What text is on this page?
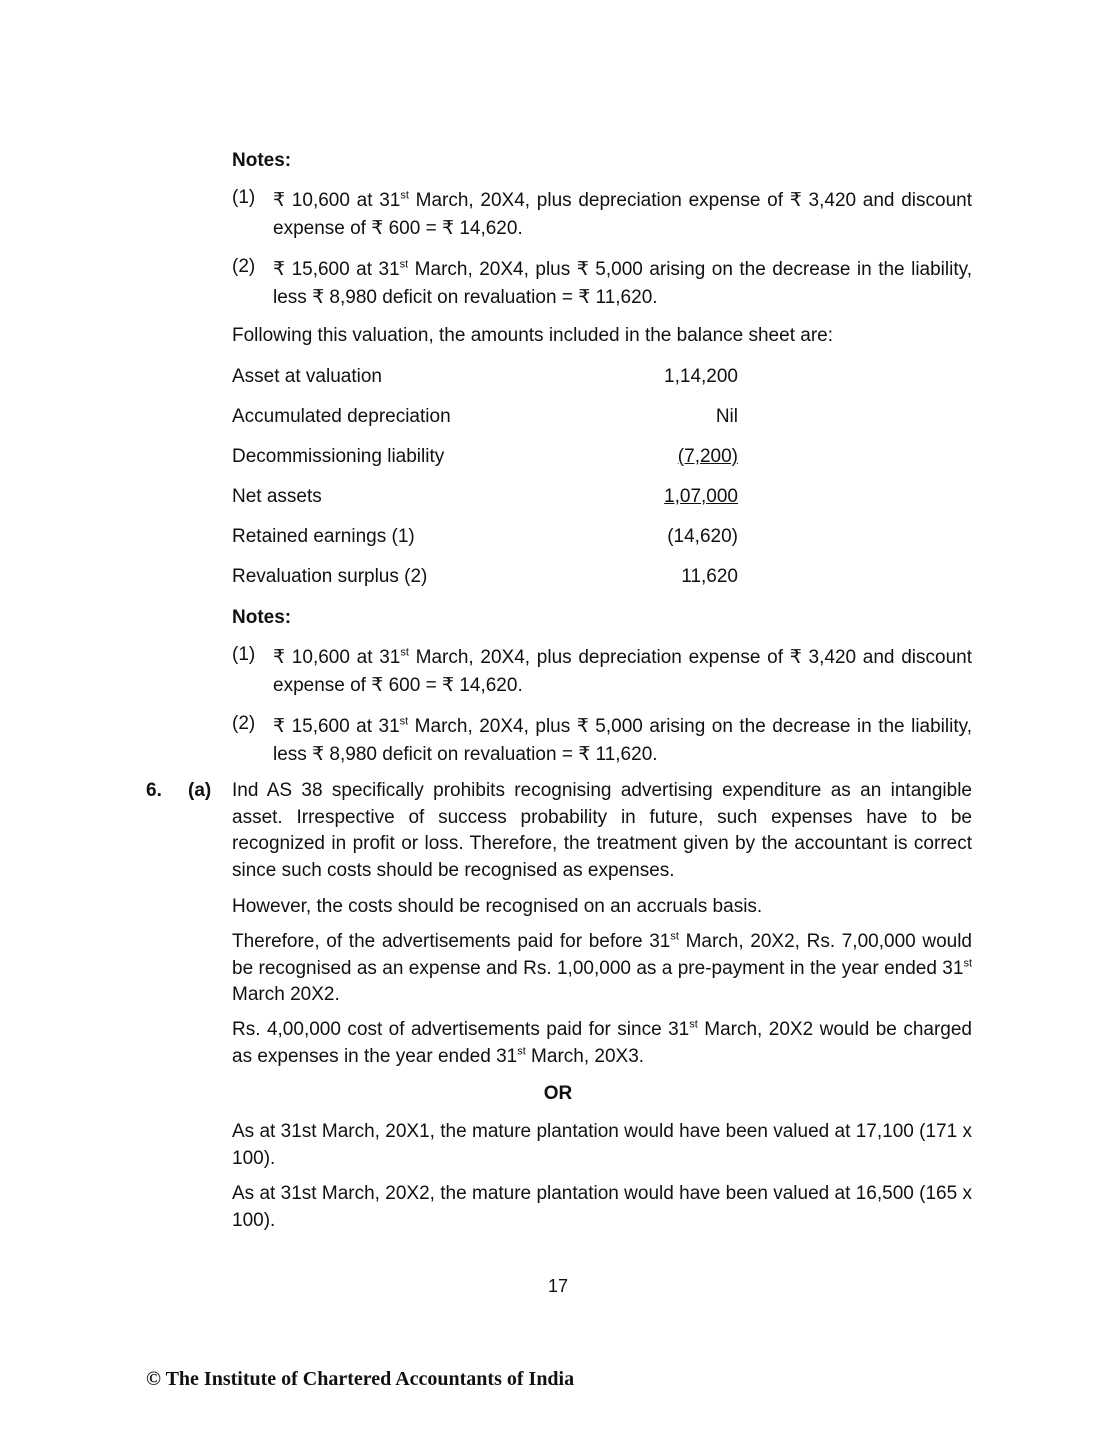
Notes:
(1) ₹ 10,600 at 31st March, 20X4, plus depreciation expense of ₹ 3,420 and discount expense of ₹ 600 = ₹ 14,620.
(2) ₹ 15,600 at 31st March, 20X4, plus ₹ 5,000 arising on the decrease in the liability, less ₹ 8,980 deficit on revaluation = ₹ 11,620.
Following this valuation, the amounts included in the balance sheet are:
Asset at valuation	1,14,200
Accumulated depreciation	Nil
Decommissioning liability	(7,200)
Net assets	1,07,000
Retained earnings (1)	(14,620)
Revaluation surplus (2)	11,620
Notes:
(1) ₹ 10,600 at 31st March, 20X4, plus depreciation expense of ₹ 3,420 and discount expense of ₹ 600 = ₹ 14,620.
(2) ₹ 15,600 at 31st March, 20X4, plus ₹ 5,000 arising on the decrease in the liability, less ₹ 8,980 deficit on revaluation = ₹ 11,620.
6. (a) Ind AS 38 specifically prohibits recognising advertising expenditure as an intangible asset. Irrespective of success probability in future, such expenses have to be recognized in profit or loss. Therefore, the treatment given by the accountant is correct since such costs should be recognised as expenses.
However, the costs should be recognised on an accruals basis.
Therefore, of the advertisements paid for before 31st March, 20X2, Rs. 7,00,000 would be recognised as an expense and Rs. 1,00,000 as a pre-payment in the year ended 31st March 20X2.
Rs. 4,00,000 cost of advertisements paid for since 31st March, 20X2 would be charged as expenses in the year ended 31st March, 20X3.
OR
As at 31st March, 20X1, the mature plantation would have been valued at 17,100 (171 x 100).
As at 31st March, 20X2, the mature plantation would have been valued at 16,500 (165 x 100).
17
© The Institute of Chartered Accountants of India
